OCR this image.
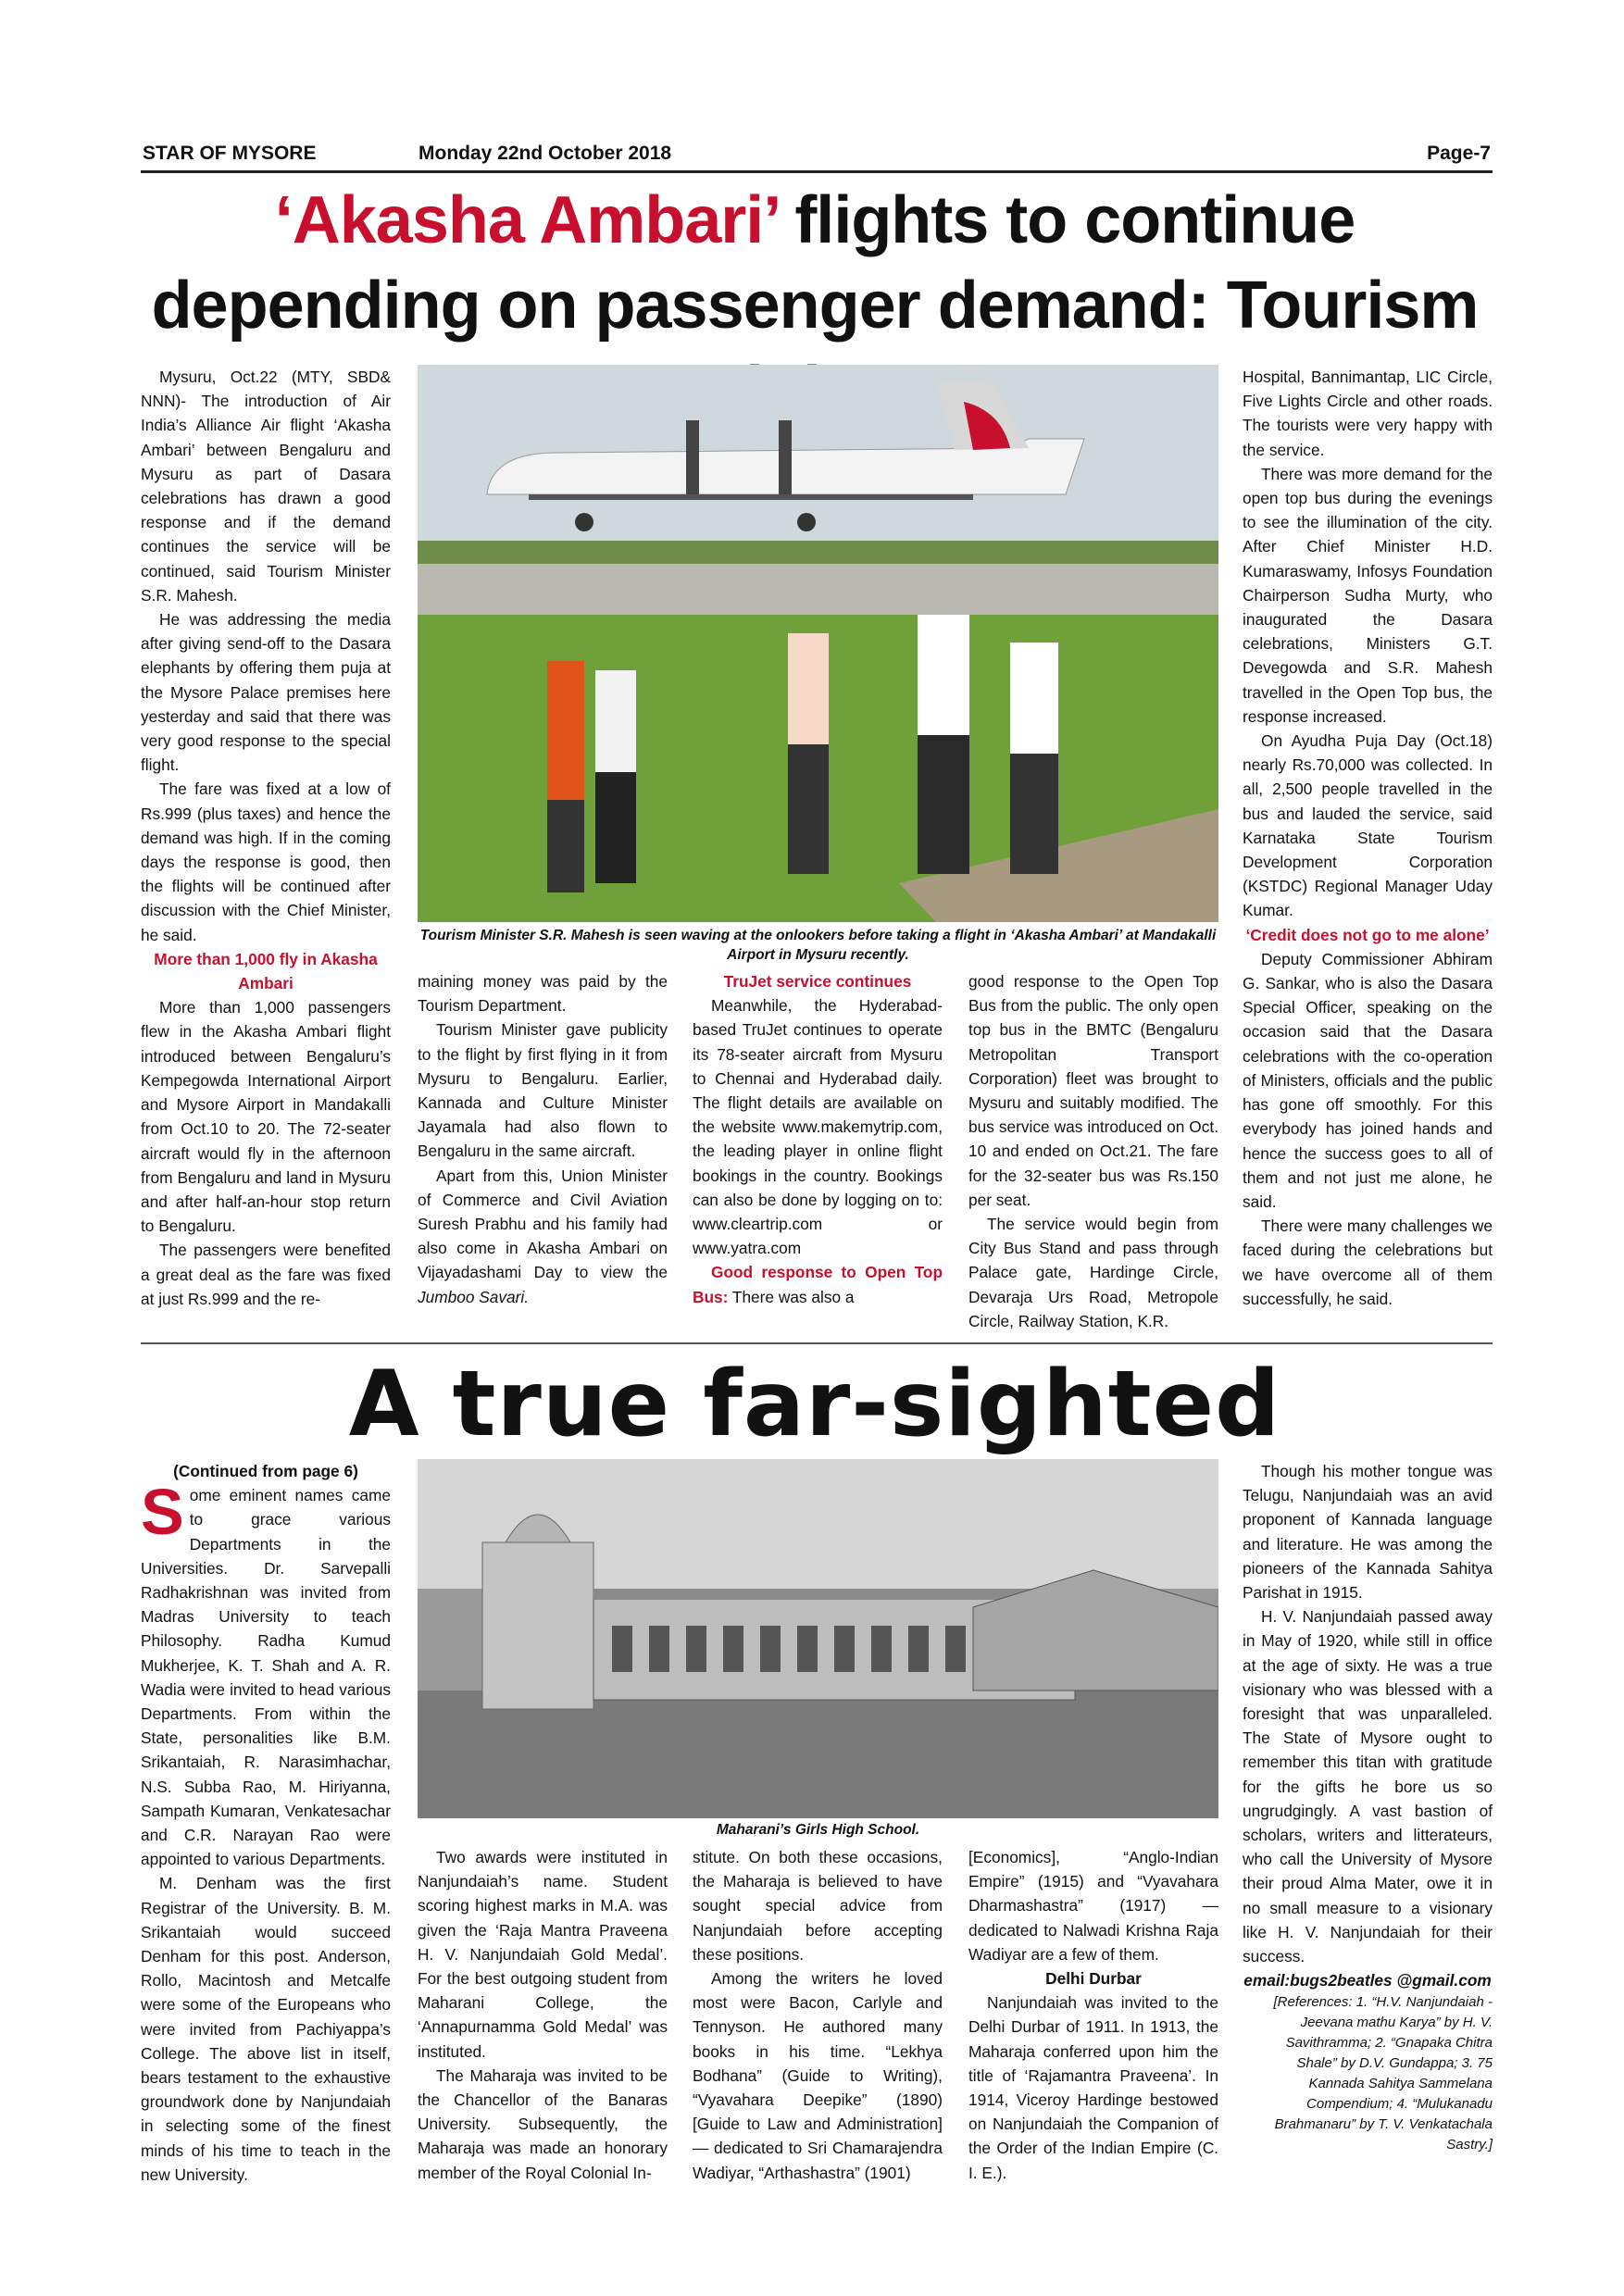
STAR OF MYSORE	Monday 22nd October 2018	Page-7
‘Akasha Ambari’ flights to continue depending on passenger demand: Tourism

Mysuru, Oct.22 (MTY, SBD& NNN)- The introduction of Air India’s Alliance Air flight ‘Akasha Ambari’ between Bengaluru and Mysuru as part of Dasara celebrations has drawn a good response and if the demand continues the service will be continued, said Tourism Minister S.R. Mahesh.

He was addressing the media after giving send-off to the Dasara elephants by offering them puja at the Mysore Palace premises here yesterday and said that there was very good response to the special flight.

The fare was fixed at a low of Rs.999 (plus taxes) and hence the demand was high. If in the coming days the response is good, then the flights will be continued after discussion with the Chief Minister, he said.

More than 1,000 fly in Akasha Ambari

More than 1,000 passengers flew in the Akasha Ambari flight introduced between Bengaluru’s Kempegowda International Airport and Mysore Airport in Mandakalli from Oct.10 to 20. The 72-seater aircraft would fly in the afternoon from Bengaluru and land in Mysuru and after half-an-hour stop return to Bengaluru.

The passengers were benefited a great deal as the fare was fixed at just Rs.999 and the re-

Tourism Minister S.R. Mahesh is seen waving at the onlookers before taking a flight in ‘Akasha Ambari’ at Mandakalli Airport in Mysuru recently.

maining money was paid by the Tourism Department.

Tourism Minister gave publicity to the flight by first flying in it from Mysuru to Bengaluru. Earlier, Kannada and Culture Minister Jayamala had also flown to Bengaluru in the same aircraft.

Apart from this, Union Minister of Commerce and Civil Aviation Suresh Prabhu and his family had also come in Akasha Ambari on Vijayadashami Day to view the Jumboo Savari.

TruJet service continues

Meanwhile, the Hyderabad-based TruJet continues to operate its 78-seater aircraft from Mysuru to Chennai and Hyderabad daily. The flight details are available on the website www.makemytrip.com, the leading player in online flight bookings in the country. Bookings can also be done by logging on to: www.cleartrip.com or www.yatra.com

Good response to Open Top Bus: There was also a

good response to the Open Top Bus from the public. The only open top bus in the BMTC (Bengaluru Metropolitan Transport Corporation) fleet was brought to Mysuru and suitably modified. The bus service was introduced on Oct. 10 and ended on Oct.21. The fare for the 32-seater bus was Rs.150 per seat.

The service would begin from City Bus Stand and pass through Palace gate, Hardinge Circle, Devaraja Urs Road, Metropole Circle, Railway Station, K.R.

Hospital, Bannimantap, LIC Circle, Five Lights Circle and other roads. The tourists were very happy with the service.

There was more demand for the open top bus during the evenings to see the illumination of the city. After Chief Minister H.D. Kumaraswamy, Infosys Foundation Chairperson Sudha Murty, who inaugurated the Dasara celebrations, Ministers G.T. Devegowda and S.R. Mahesh travelled in the Open Top bus, the response increased.

On Ayudha Puja Day (Oct.18) nearly Rs.70,000 was collected. In all, 2,500 people travelled in the bus and lauded the service, said Karnataka State Tourism Development Corporation (KSTDC) Regional Manager Uday Kumar.

‘Credit does not go to me alone’

Deputy Commissioner Abhiram G. Sankar, who is also the Dasara Special Officer, speaking on the occasion said that the Dasara celebrations with the co-operation of Ministers, officials and the public has gone off smoothly. For this everybody has joined hands and hence the success goes to all of them and not just me alone, he said.

There were many challenges we faced during the celebrations but we have overcome all of them successfully, he said.

A true far-sighted
(Continued from page 6)

Some eminent names came to grace various Departments in the Universities. Dr. Sarvepalli Radhakrishnan was invited from Madras University to teach Philosophy. Radha Kumud Mukherjee, K. T. Shah and A. R. Wadia were invited to head various Departments. From within the State, personalities like B.M. Srikantaiah, R. Narasimhachar, N.S. Subba Rao, M. Hiriyanna, Sampath Kumaran, Venkatesachar and C.R. Narayan Rao were appointed to various Departments.

M. Denham was the first Registrar of the University. B. M. Srikantaiah would succeed Denham for this post. Anderson, Rollo, Macintosh and Metcalfe were some of the Europeans who were invited from Pachiyappa’s College. The above list in itself, bears testament to the exhaustive groundwork done by Nanjundaiah in selecting some of the finest minds of his time to teach in the new University.

Maharani’s Girls High School.

Two awards were instituted in Nanjundaiah’s name. Student scoring highest marks in M.A. was given the ‘Raja Mantra Praveena H. V. Nanjundaiah Gold Medal’. For the best outgoing student from Maharani College, the ‘Annapurnamma Gold Medal’ was instituted.

The Maharaja was invited to be the Chancellor of the Banaras University. Subsequently, the Maharaja was made an honorary member of the Royal Colonial In-

stitute. On both these occasions, the Maharaja is believed to have sought special advice from Nanjundaiah before accepting these positions.

Among the writers he loved most were Bacon, Carlyle and Tennyson. He authored many books in his time. “Lekhya Bodhana” (Guide to Writing), “Vyavahara Deepike” (1890) [Guide to Law and Administration] — dedicated to Sri Chamarajendra Wadiyar, “Arthashastra” (1901)

[Economics], “Anglo-Indian Empire” (1915) and “Vyavahara Dharmashastra” (1917) — dedicated to Nalwadi Krishna Raja Wadiyar are a few of them.

Delhi Durbar

Nanjundaiah was invited to the Delhi Durbar of 1911. In 1913, the Maharaja conferred upon him the title of ‘Rajamantra Praveena’. In 1914, Viceroy Hardinge bestowed on Nanjundaiah the Companion of the Order of the Indian Empire (C. I. E.).

Though his mother tongue was Telugu, Nanjundaiah was an avid proponent of Kannada language and literature. He was among the pioneers of the Kannada Sahitya Parishat in 1915.

H. V. Nanjundaiah passed away in May of 1920, while still in office at the age of sixty. He was a true visionary who was blessed with a foresight that was unparalleled. The State of Mysore ought to remember this titan with gratitude for the gifts he bore us so ungrudgingly. A vast bastion of scholars, writers and litterateurs, who call the University of Mysore their proud Alma Mater, owe it in no small measure to a visionary like H. V. Nanjundaiah for their success.

email:bugs2beatles @gmail.com
[References: 1. “H.V. Nanjundaiah - Jeevana mathu Karya” by H. V. Savithramma; 2. “Gnapaka Chitra Shale” by D.V. Gundappa; 3. 75 Kannada Sahitya Sammelana Compendium; 4. “Mulukanadu Brahmanaru” by T. V. Venkatachala Sastry.]
